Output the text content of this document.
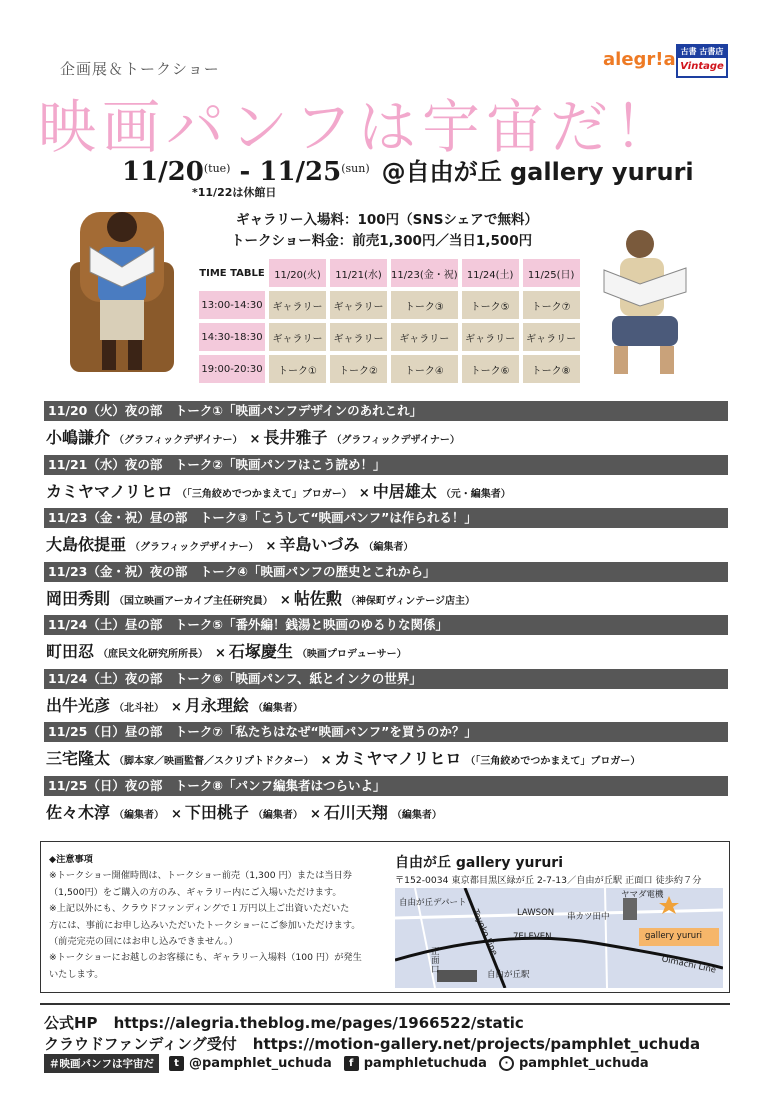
企画展＆トークショー
映画パンフは宇宙だ！
alegr!a 古書 古書店
Vintage
$11/20^{(tue)} - 11/25^{(sun)}$ @自由が丘 gallery yururi
*11/22は休館日
ギャラリー入場料：100円（SNSシェアで無料）
トークショー料金：前売1,300円／当日1,500円
TIME TABLE	11/20(火)	11/21(水)	11/23(金・祝)	11/24(土)	11/25(日)
13:00-14:30	ギャラリー	ギャラリー	トーク③	トーク⑤	トーク⑦
14:30-18:30	ギャラリー	ギャラリー	ギャラリー	ギャラリー	ギャラリー
19:00-20:30	トーク①	トーク②	トーク④	トーク⑥	トーク⑧
11/20（火）夜の部　トーク①「映画パンフデザインのあれこれ」
小嶋謙介 （グラフィックデザイナー） × 長井雅子 （グラフィックデザイナー）
11/21（水）夜の部　トーク②「映画パンフはこう読め！」
カミヤマノリヒロ （「三角絞めでつかまえて」ブロガー） × 中居雄太 （元・編集者）
11/23（金・祝）昼の部　トーク③「こうして“映画パンフ”は作られる！」
大島依提亜 （グラフィックデザイナー） × 辛島いづみ （編集者）
11/23（金・祝）夜の部　トーク④「映画パンフの歴史とこれから」
岡田秀則 （国立映画アーカイブ主任研究員） × 帖佐勲 （神保町ヴィンテージ店主）
11/24（土）昼の部　トーク⑤「番外編！銭湯と映画のゆるりな関係」
町田忍 （庶民文化研究所所長） × 石塚慶生 （映画プロデューサー）
11/24（土）夜の部　トーク⑥「映画パンフ、紙とインクの世界」
出牛光彦 （北斗社） × 月永理絵 （編集者）
11/25（日）昼の部　トーク⑦「私たちはなぜ“映画パンフ”を買うのか？」
三宅隆太 （脚本家／映画監督／スクリプトドクター） × カミヤマノリヒロ （「三角絞めでつかまえて」ブロガー）
11/25（日）夜の部　トーク⑧「パンフ編集者はつらいよ」
佐々木淳 （編集者） × 下田桃子 （編集者） × 石川天翔 （編集者）
◆注意事項
※トークショー開催時間は、トークショー前売（1,300 円）または当日券
（1,500円）をご購入の方のみ、ギャラリー内にご入場いただけます。
※上記以外にも、クラウドファンディングで１万円以上ご出資いただいた
方には、事前にお申し込みいただいたトークショーにご参加いただけます。
（前売完売の回にはお申し込みできません。）
※トークショーにお越しのお客様にも、ギャラリー入場料（100 円）が発生
いたします。
自由が丘 gallery yururi
〒152-0034 東京都目黒区緑が丘 2-7-13／自由が丘駅 正面口 徒歩約７分
自由が丘デパート
ヤマダ電機
串カツ田中
LAWSON
7ELEVEN
Toyoko Line	gallery yururi
正面口	自由が丘駅	Ōimachi Line
公式HP https://alegria.theblog.me/pages/1966522/static
クラウドファンディング受付 https://motion-gallery.net/projects/pamphlet_uchuda
＃映画パンフは宇宙だ	t @pamphlet_uchuda	f pamphletuchuda	· pamphlet_uchuda
